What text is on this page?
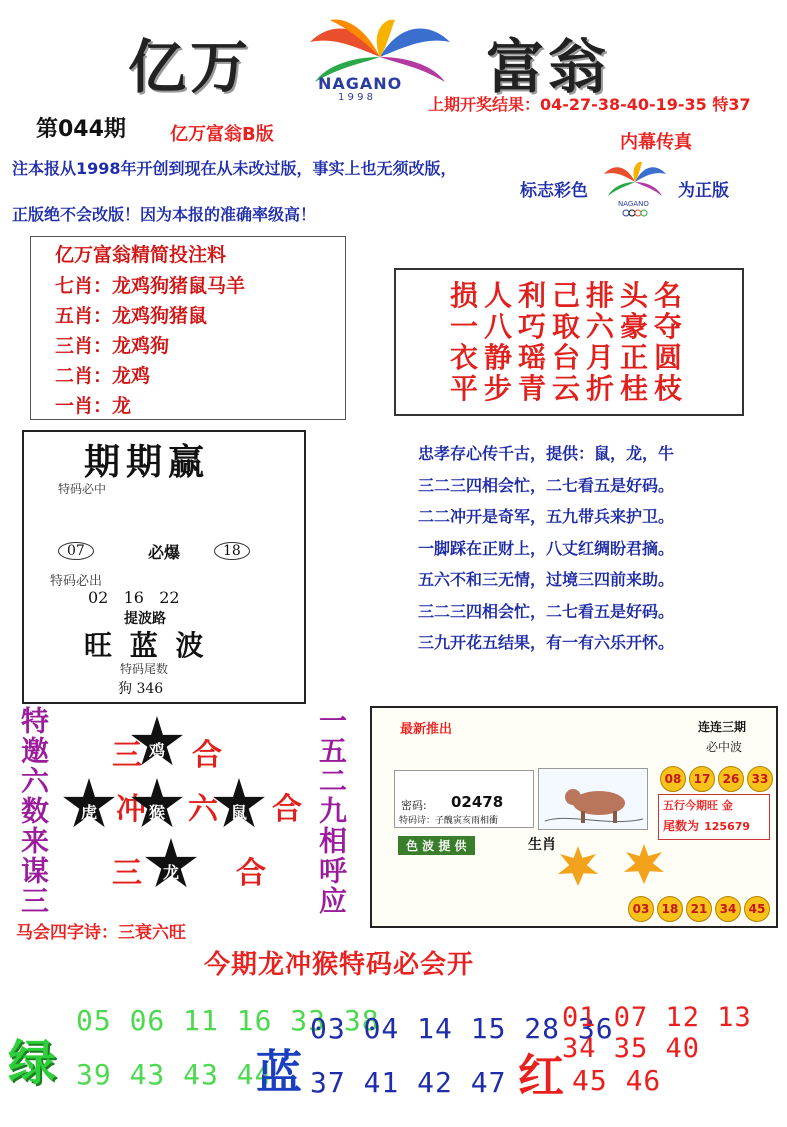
亿万	NAGANO
1 9 9 8 富翁
上期开奖结果：04-27-38-40-19-35 特37
第044期 亿万富翁B版	内幕传真
注本报从1998年开创到现在从未改过版，事实上也无须改版，
正版绝不会改版！因为本报的准确率级高！
标志彩色
NAGANO
为正版
亿万富翁精简投注料
七肖：龙鸡狗猪鼠马羊
五肖：龙鸡狗猪鼠
三肖：龙鸡狗
二肖：龙鸡
一肖：龙
损人利己排头名
一八巧取六豪夺
衣静瑶台月正圆
平步青云折桂枝
期期赢
特码必中
07	必爆	18
特码必出
02   16   22
提波路
旺 蓝 波
特码尾数
狗 346
忠孝存心传千古，提供：鼠，龙，牛
三二三四相会忙，二七看五是好码。
二二冲开是奇军，五九带兵来护卫。
一脚踩在正财上，八丈红绸盼君摘。
五六不和三无情，过境三四前来助。
三二三四相会忙，二七看五是好码。
三九开花五结果，有一有六乐开怀。
特邀六数来谋三	一五二九相呼应
三 鸡 合
虎 冲 猴 六 鼠 合
三	龙	合
马会四字诗：三衰六旺
最新推出	连连三期
必中波
08 17 26 33
五行今期旺 金
尾数为 125679
密码: 02478
特码诗：子醜寅亥雨相衝
色 波 提 供	生肖
03 18 21 34 45
今期龙冲猴特码必会开
绿
05 06 11 16 33 38
39 43 43 44
蓝
03 04 14 15 28 36
37 41 42 47 红
01 07 12 13 34 35 40
45 46
